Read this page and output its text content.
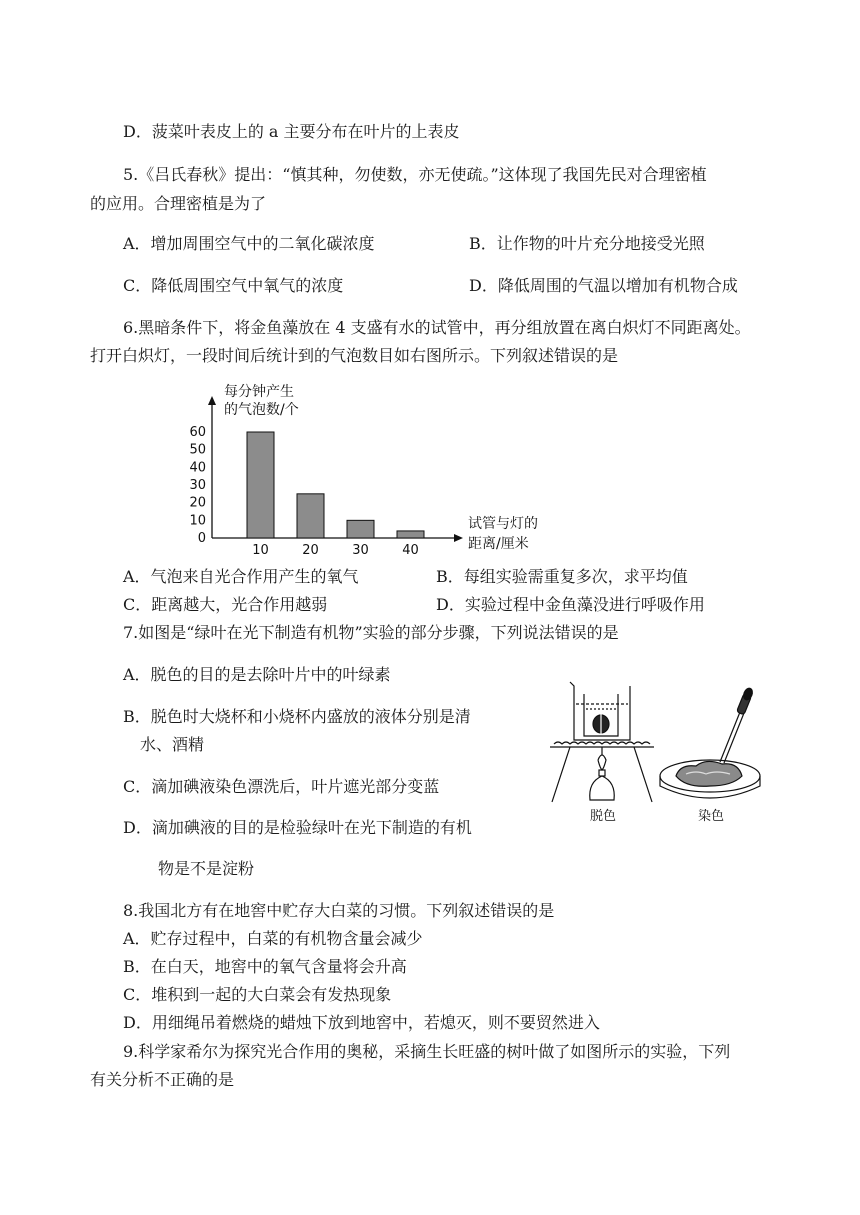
D．菠菜叶表皮上的 a 主要分布在叶片的上表皮
5.《吕氏春秋》提出：“慎其种，勿使数，亦无使疏。”这体现了我国先民对合理密植
的应用。合理密植是为了
A．增加周围空气中的二氧化碳浓度	B．让作物的叶片充分地接受光照
C．降低周围空气中氧气的浓度	D．降低周围的气温以增加有机物合成
6.黑暗条件下，将金鱼藻放在 4 支盛有水的试管中，再分组放置在离白炽灯不同距离处。
打开白炽灯，一段时间后统计到的气泡数目如右图所示。下列叙述错误的是
0
10
20
30
40
50
60
10	20	30	40
每分钟产生
的气泡数/个
试管与灯的
距离/厘米
A．气泡来自光合作用产生的氧气	B．每组实验需重复多次，求平均值
C．距离越大，光合作用越弱	D．实验过程中金鱼藻没进行呼吸作用
7.如图是“绿叶在光下制造有机物”实验的部分步骤，下列说法错误的是
A．脱色的目的是去除叶片中的叶绿素
B．脱色时大烧杯和小烧杯内盛放的液体分别是清
水、酒精
C．滴加碘液染色漂洗后，叶片遮光部分变蓝
D．滴加碘液的目的是检验绿叶在光下制造的有机
物是不是淀粉
脱色	染色
8.我国北方有在地窖中贮存大白菜的习惯。下列叙述错误的是
A．贮存过程中，白菜的有机物含量会减少
B．在白天，地窖中的氧气含量将会升高
C．堆积到一起的大白菜会有发热现象
D．用细绳吊着燃烧的蜡烛下放到地窖中，若熄灭，则不要贸然进入
9.科学家希尔为探究光合作用的奥秘，采摘生长旺盛的树叶做了如图所示的实验，下列
有关分析不正确的是
